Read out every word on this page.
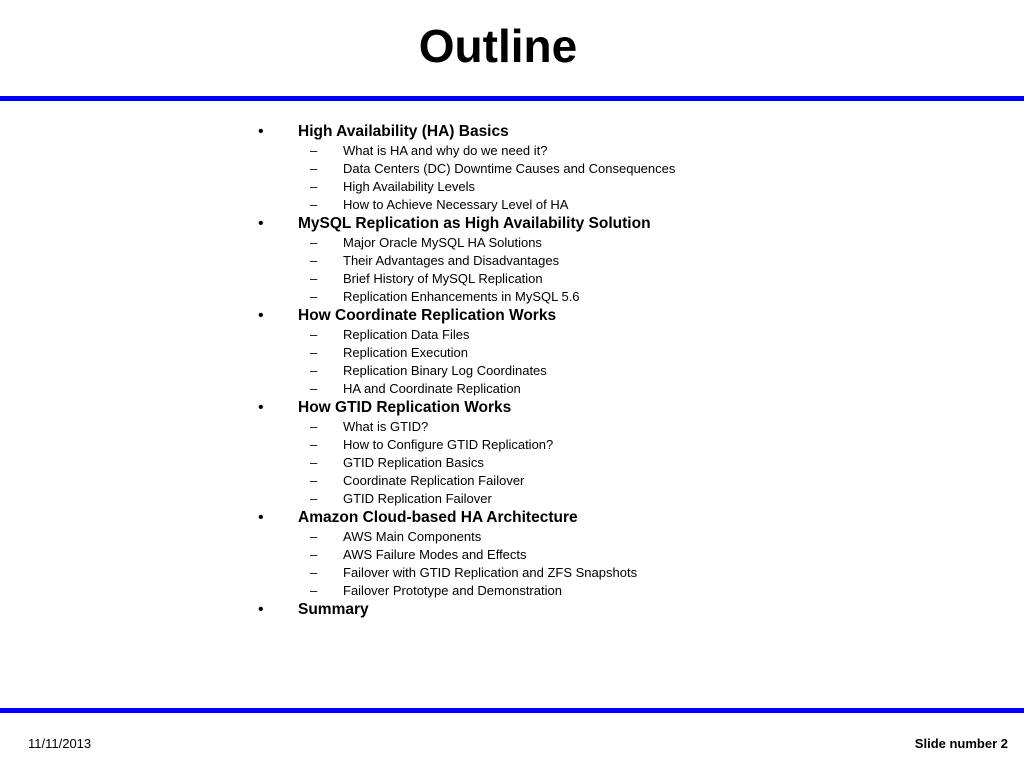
Outline
•	High Availability (HA) Basics
– What is HA and why do we need it?
– Data Centers (DC) Downtime Causes and Consequences
– High Availability Levels
– How to Achieve Necessary Level of HA
•	MySQL Replication as High Availability Solution
– Major Oracle MySQL HA Solutions
– Their Advantages and Disadvantages
– Brief History of MySQL Replication
– Replication Enhancements in MySQL 5.6
•	How Coordinate Replication Works
– Replication Data Files
– Replication Execution
– Replication Binary Log Coordinates
– HA and Coordinate Replication
•	How GTID Replication Works
– What is GTID?
– How to Configure GTID Replication?
– GTID Replication Basics
– Coordinate Replication Failover
– GTID Replication Failover
•	Amazon Cloud-based HA Architecture
– AWS Main Components
– AWS Failure Modes and Effects
– Failover with GTID Replication and ZFS Snapshots
– Failover Prototype and Demonstration
•	Summary
11/11/2013	Slide number 2
